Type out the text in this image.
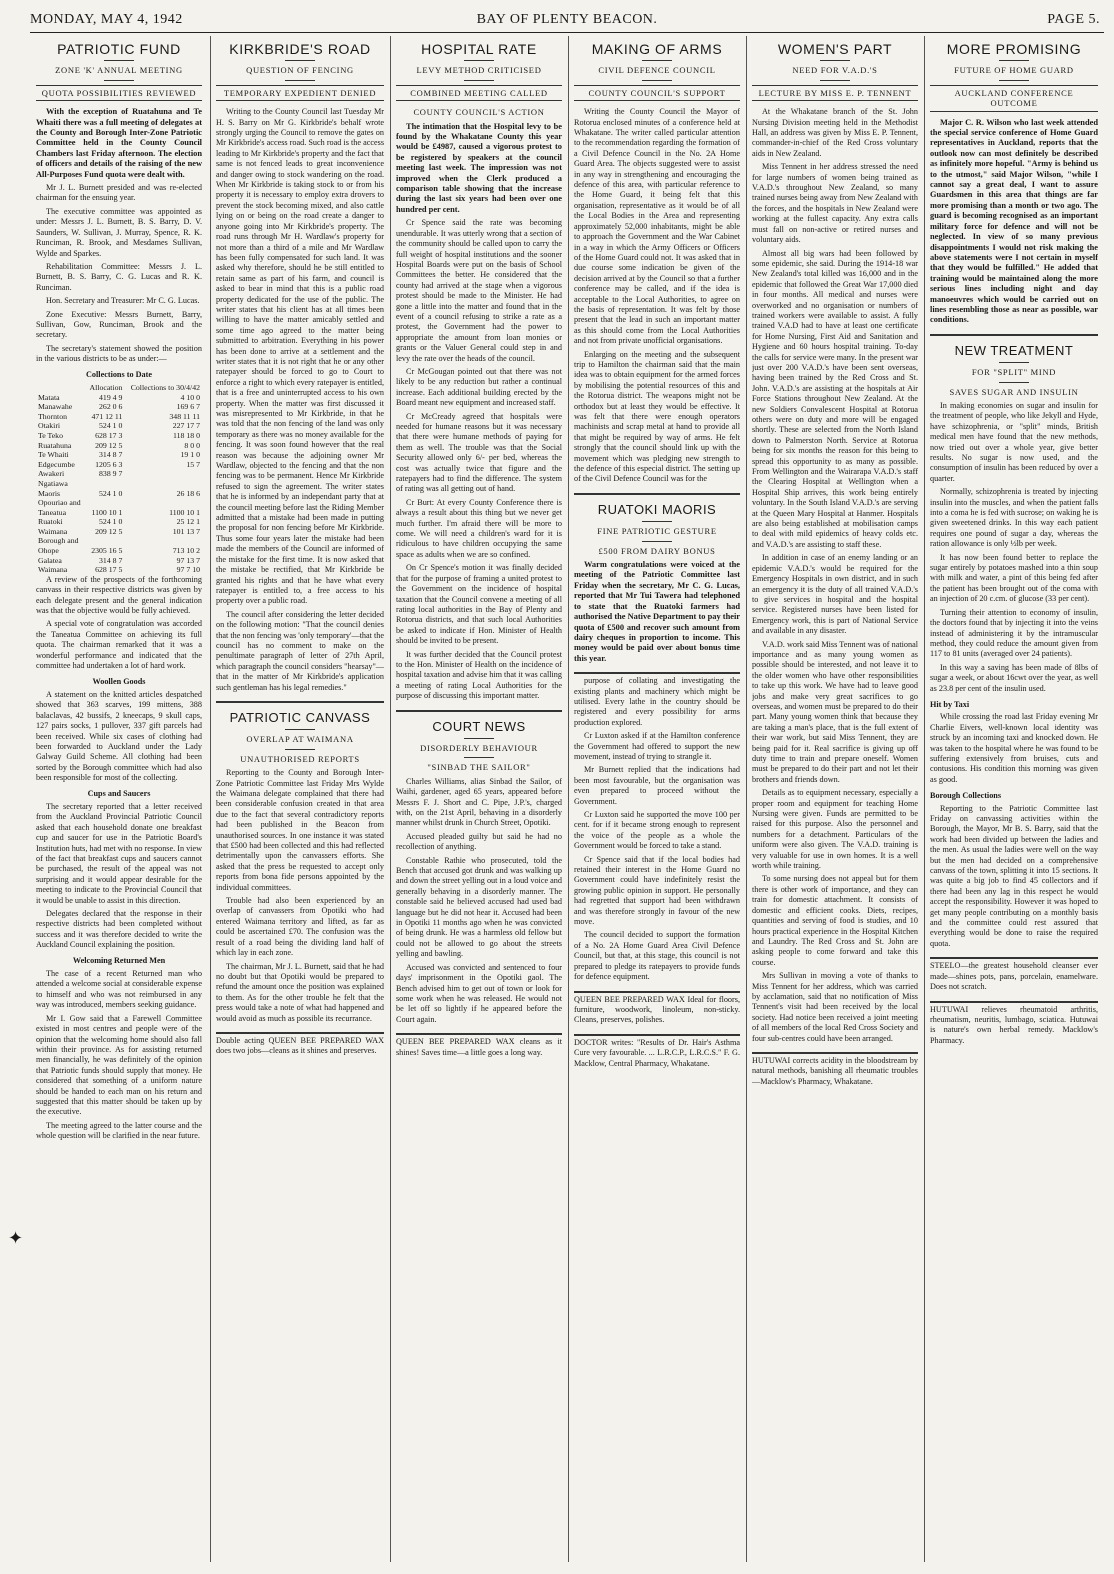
MONDAY, MAY 4, 1942	BAY OF PLENTY BEACON.	PAGE 5.
✦
PATRIOTIC FUND
ZONE 'K' ANNUAL MEETING
QUOTA POSSIBILITIES REVIEWED

With the exception of Ruatahuna and Te Whaiti there was a full meeting of delegates at the County and Borough Inter-Zone Patriotic Committee held in the County Council Chambers last Friday afternoon. The election of officers and details of the raising of the new All-Purposes Fund quota were dealt with.

Mr J. L. Burnett presided and was re-elected chairman for the ensuing year.

The executive committee was appointed as under: Messrs J. L. Burnett, B. S. Barry, D. V. Saunders, W. Sullivan, J. Murray, Spence, R. K. Runciman, R. Brook, and Mesdames Sullivan, Wylde and Sparkes.

Rehabilitation Committee: Messrs J. L. Burnett, B. S. Barry, C. G. Lucas and R. K. Runciman.

Hon. Secretary and Treasurer: Mr C. G. Lucas.

Zone Executive: Messrs Burnett, Barry, Sullivan, Gow, Runciman, Brook and the secretary.

The secretary's statement showed the position in the various districts to be as under:—

Collections to Date
	Allocation	Collections to 30/4/42
Matata	419 4 9	4 10 0
Manawahe	262 0 6	169 6 7
Thornton	471 12 11	348 11 11
Otakiri	524 1 0	227 17 7
Te Teko	628 17 3	118 18 0
Ruatahuna	209 12 5	8 0 0
Te Whaiti	314 8 7	19 1 0
Edgecumbe	1205 6 3	15 7
Awakeri	838 9 7	
Ngatiawa		
Maoris	524 1 0	26 18 6
Opouriao and		
Taneatua	1100 10 1	1100 10 1
Ruatoki	524 1 0	25 12 1
Waimana	209 12 5	101 13 7
Borough and		
Ohope	2305 16 5	713 10 2
Galatea	314 8 7	97 13 7
Waimana	628 17 5	97 7 10

A review of the prospects of the forthcoming canvass in their respective districts was given by each delegate present and the general indication was that the objective would be fully achieved.

A special vote of congratulation was accorded the Taneatua Committee on achieving its full quota. The chairman remarked that it was a wonderful performance and indicated that the committee had undertaken a lot of hard work.

Woollen Goods

A statement on the knitted articles despatched showed that 363 scarves, 199 mittens, 388 balaclavas, 42 bussifs, 2 kneecaps, 9 skull caps, 127 pairs socks, 1 pullover, 337 gift parcels had been received. While six cases of clothing had been forwarded to Auckland under the Lady Galway Guild Scheme. All clothing had been sorted by the Borough committee which had also been responsible for most of the collecting.

Cups and Saucers

The secretary reported that a letter received from the Auckland Provincial Patriotic Council asked that each household donate one breakfast cup and saucer for use in the Patriotic Board's Institution huts, had met with no response. In view of the fact that breakfast cups and saucers cannot be purchased, the result of the appeal was not surprising and it would appear desirable for the meeting to indicate to the Provincial Council that it would be unable to assist in this direction.

Delegates declared that the response in their respective districts had been completed without success and it was therefore decided to write the Auckland Council explaining the position.

Welcoming Returned Men

The case of a recent Returned man who attended a welcome social at considerable expense to himself and who was not reimbursed in any way was introduced, members seeking guidance.

Mr I. Gow said that a Farewell Committee existed in most centres and people were of the opinion that the welcoming home should also fall within their province. As for assisting returned men financially, he was definitely of the opinion that Patriotic funds should supply that money. He considered that something of a uniform nature should be handed to each man on his return and suggested that this matter should be taken up by the executive.

The meeting agreed to the latter course and the whole question will be clarified in the near future.

KIRKBRIDE'S ROAD
QUESTION OF FENCING
TEMPORARY EXPEDIENT DENIED

Writing to the County Council last Tuesday Mr H. S. Barry on Mr G. Kirkbride's behalf wrote strongly urging the Council to remove the gates on Mr Kirkbride's access road. Such road is the access leading to Mr Kirkbride's property and the fact that same is not fenced leads to great inconvenience and danger owing to stock wandering on the road. When Mr Kirkbride is taking stock to or from his property it is necessary to employ extra drovers to prevent the stock becoming mixed, and also cattle lying on or being on the road create a danger to anyone going into Mr Kirkbride's property. The road runs through Mr H. Wardlaw's property for not more than a third of a mile and Mr Wardlaw has been fully compensated for such land. It was asked why therefore, should he be still entitled to retain same as part of his farm, and council is asked to bear in mind that this is a public road property dedicated for the use of the public. The writer states that his client has at all times been willing to have the matter amicably settled and some time ago agreed to the matter being submitted to arbitration. Everything in his power has been done to arrive at a settlement and the writer states that it is not right that he or any other ratepayer should be forced to go to Court to enforce a right to which every ratepayer is entitled, that is a free and uninterrupted access to his own property. When the matter was first discussed it was misrepresented to Mr Kirkbride, in that he was told that the non fencing of the land was only temporary as there was no money available for the fencing. It was soon found however that the real reason was because the adjoining owner Mr Wardlaw, objected to the fencing and that the non fencing was to be permanent. Hence Mr Kirkbride refused to sign the agreement. The writer states that he is informed by an independant party that at the council meeting before last the Riding Member admitted that a mistake had been made in putting the proposal for non fencing before Mr Kirkbride. Thus some four years later the mistake had been made the members of the Council are informed of the mistake for the first time. It is now asked that the mistake be rectified, that Mr Kirkbride be granted his rights and that he have what every ratepayer is entitled to, a free access to his property over a public road.

The council after considering the letter decided on the following motion: "That the council denies that the non fencing was 'only temporary'—that the council has no comment to make on the penultimate paragraph of letter of 27th April, which paragraph the council considers "hearsay"—that in the matter of Mr Kirkbride's application such gentleman has his legal remedies."

PATRIOTIC CANVASS
OVERLAP AT WAIMANA
UNAUTHORISED REPORTS

Reporting to the County and Borough Inter-Zone Patriotic Committee last Friday Mrs Wylde the Waimana delegate complained that there had been considerable confusion created in that area due to the fact that several contradictory reports had been published in the Beacon from unauthorised sources. In one instance it was stated that £500 had been collected and this had reflected detrimentally upon the canvassers efforts. She asked that the press be requested to accept only reports from bona fide persons appointed by the individual committees.

Trouble had also been experienced by an overlap of canvassers from Opotiki who had entered Waimana territory and lifted, as far as could be ascertained £70. The confusion was the result of a road being the dividing land half of which lay in each zone.

The chairman, Mr J. L. Burnett, said that he had no doubt but that Opotiki would be prepared to refund the amount once the position was explained to them. As for the other trouble he felt that the press would take a note of what had happened and would avoid as much as possible its recurrance.

Double acting QUEEN BEE PREPARED WAX does two jobs—cleans as it shines and preserves.

HOSPITAL RATE
LEVY METHOD CRITICISED
COMBINED MEETING CALLED
COUNTY COUNCIL'S ACTION

The intimation that the Hospital levy to be found by the Whakatane County this year would be £4987, caused a vigorous protest to be registered by speakers at the council meeting last week. The impression was not improved when the Clerk produced a comparison table showing that the increase during the last six years had been over one hundred per cent.

Cr Spence said the rate was becoming unendurable. It was utterly wrong that a section of the community should be called upon to carry the full weight of hospital institutions and the sooner Hospital Boards were put on the basis of School Committees the better. He considered that the county had arrived at the stage when a vigorous protest should be made to the Minister. He had gone a little into the matter and found that in the event of a council refusing to strike a rate as a protest, the Government had the power to appropriate the amount from loan monies or grants or the Valuer General could step in and levy the rate over the heads of the council.

Cr McGougan pointed out that there was not likely to be any reduction but rather a continual increase. Each additional building erected by the Board meant new equipment and increased staff.

Cr McCready agreed that hospitals were needed for humane reasons but it was necessary that there were humane methods of paying for them as well. The trouble was that the Social Security allowed only 6/- per bed, whereas the cost was actually twice that figure and the ratepayers had to find the difference. The system of rating was all getting out of hand.

Cr Burt: At every County Conference there is always a result about this thing but we never get much further. I'm afraid there will be more to come. We will need a children's ward for it is ridiculous to have children occupying the same space as adults when we are so confined.

On Cr Spence's motion it was finally decided that for the purpose of framing a united protest to the Government on the incidence of hospital taxation that the Council convene a meeting of all rating local authorities in the Bay of Plenty and Rotorua districts, and that such local Authorities be asked to indicate if Hon. Minister of Health should be invited to be present.

It was further decided that the Council protest to the Hon. Minister of Health on the incidence of hospital taxation and advise him that it was calling a meeting of rating Local Authorities for the purpose of discussing this important matter.

COURT NEWS
DISORDERLY BEHAVIOUR
"SINBAD THE SAILOR"

Charles Williams, alias Sinbad the Sailor, of Waihi, gardener, aged 65 years, appeared before Messrs F. J. Short and C. Pipe, J.P.'s, charged with, on the 21st April, behaving in a disorderly manner whilst drunk in Church Street, Opotiki.

Accused pleaded guilty but said he had no recollection of anything.

Constable Rathie who prosecuted, told the Bench that accused got drunk and was walking up and down the street yelling out in a loud voice and generally behaving in a disorderly manner. The constable said he believed accused had used bad language but he did not hear it. Accused had been in Opotiki 11 months ago when he was convicted of being drunk. He was a harmless old fellow but could not be allowed to go about the streets yelling and bawling.

Accused was convicted and sentenced to four days' imprisonment in the Opotiki gaol. The Bench advised him to get out of town or look for some work when he was released. He would not be let off so lightly if he appeared before the Court again.

QUEEN BEE PREPARED WAX cleans as it shines! Saves time—a little goes a long way.

MAKING OF ARMS
CIVIL DEFENCE COUNCIL
COUNTY COUNCIL'S SUPPORT

Writing the County Council the Mayor of Rotorua enclosed minutes of a conference held at Whakatane. The writer called particular attention to the recommendation regarding the formation of a Civil Defence Council in the No. 2A Home Guard Area. The objects suggested were to assist in any way in strengthening and encouraging the defence of this area, with particular reference to the Home Guard, it being felt that this organisation, representative as it would be of all the Local Bodies in the Area and representing approximately 52,000 inhabitants, might be able to approach the Government and the War Cabinet in a way in which the Army Officers or Officers of the Home Guard could not. It was asked that in due course some indication be given of the decision arrived at by the Council so that a further conference may be called, and if the idea is acceptable to the Local Authorities, to agree on the basis of representation. It was felt by those present that the lead in such an important matter as this should come from the Local Authorities and not from private unofficial organisations.

Enlarging on the meeting and the subsequent trip to Hamilton the chairman said that the main idea was to obtain equipment for the armed forces by mobilising the potential resources of this and the Rotorua district. The weapons might not be orthodox but at least they would be effective. It was felt that there were enough operators machinists and scrap metal at hand to provide all that might be required by way of arms. He felt strongly that the council should link up with the movement which was pledging new strength to the defence of this especial district. The setting up of the Civil Defence Council was for the

RUATOKI MAORIS
FINE PATRIOTIC GESTURE
£500 FROM DAIRY BONUS

Warm congratulations were voiced at the meeting of the Patriotic Committee last Friday when the secretary, Mr C. G. Lucas, reported that Mr Tui Tawera had telephoned to state that the Ruatoki farmers had authorised the Native Department to pay their quota of £500 and recover such amount from dairy cheques in proportion to income. This money would be paid over about bonus time this year.

purpose of collating and investigating the existing plants and machinery which might be utilised. Every lathe in the country should be registered and every possibility for arms production explored.

Cr Luxton asked if at the Hamilton conference the Government had offered to support the new movement, instead of trying to strangle it.

Mr Burnett replied that the indications had been most favourable, but the organisation was even prepared to proceed without the Government.

Cr Luxton said he supported the move 100 per cent. for if it became strong enough to represent the voice of the people as a whole the Government would be forced to take a stand.

Cr Spence said that if the local bodies had retained their interest in the Home Guard no Government could have indefinitely resist the growing public opinion in support. He personally had regretted that support had been withdrawn and was therefore strongly in favour of the new move.

The council decided to support the formation of a No. 2A Home Guard Area Civil Defence Council, but that, at this stage, this council is not prepared to pledge its ratepayers to provide funds for defence equipment.

QUEEN BEE PREPARED WAX Ideal for floors, furniture, woodwork, linoleum, non-sticky. Cleans, preserves, polishes.

DOCTOR writes: "Results of Dr. Hair's Asthma Cure very favourable. ... L.R.C.P., L.R.C.S." F. G. Macklow, Central Pharmacy, Whakatane.

WOMEN'S PART
NEED FOR V.A.D.'S
LECTURE BY MISS E. P. TENNENT

At the Whakatane branch of the St. John Nursing Division meeting held in the Methodist Hall, an address was given by Miss E. P. Tennent, commander-in-chief of the Red Cross voluntary aids in New Zealand.

Miss Tennent in her address stressed the need for large numbers of women being trained as V.A.D.'s throughout New Zealand, so many trained nurses being away from New Zealand with the forces, and the hospitals in New Zealand were working at the fullest capacity. Any extra calls must fall on non-active or retired nurses and voluntary aids.

Almost all big wars had been followed by some epidemic, she said. During the 1914-18 war New Zealand's total killed was 16,000 and in the epidemic that followed the Great War 17,000 died in four months. All medical and nurses were overworked and no organisation or numbers of trained workers were available to assist. A fully trained V.A.D had to have at least one certificate for Home Nursing, First Aid and Sanitation and Hygiene and 60 hours hospital training. To-day the calls for service were many. In the present war just over 200 V.A.D.'s have been sent overseas, having been trained by the Red Cross and St. John. V.A.D.'s are assisting at the hospitals at Air Force Stations throughout New Zealand. At the new Soldiers Convalescent Hospital at Rotorua others were on duty and more will be engaged shortly. These are selected from the North Island down to Palmerston North. Service at Rotorua being for six months the reason for this being to spread this opportunity to as many as possible. From Wellington and the Wairarapa V.A.D.'s staff the Clearing Hospital at Wellington when a Hospital Ship arrives, this work being entirely voluntary. In the South Island V.A.D.'s are serving at the Queen Mary Hospital at Hanmer. Hospitals are also being established at mobilisation camps to deal with mild epidemics of heavy colds etc. and V.A.D.'s are assisting to staff these.

In addition in case of an enemy landing or an epidemic V.A.D.'s would be required for the Emergency Hospitals in own district, and in such an emergency it is the duty of all trained V.A.D.'s to give services in hospital and the hospital service. Registered nurses have been listed for Emergency work, this is part of National Service and available in any disaster.

V.A.D. work said Miss Tennent was of national importance and as many young women as possible should be interested, and not leave it to the older women who have other responsibilities to take up this work. We have had to leave good jobs and make very great sacrifices to go overseas, and women must be prepared to do their part. Many young women think that because they are taking a man's place, that is the full extent of their war work, but said Miss Tennent, they are being paid for it. Real sacrifice is giving up off duty time to train and prepare oneself. Women must be prepared to do their part and not let their brothers and friends down.

Details as to equipment necessary, especially a proper room and equipment for teaching Home Nursing were given. Funds are permitted to be raised for this purpose. Also the personnel and numbers for a detachment. Particulars of the uniform were also given. The V.A.D. training is very valuable for use in own homes. It is a well worth while training.

To some nursing does not appeal but for them there is other work of importance, and they can train for domestic attachment. It consists of domestic and efficient cooks. Diets, recipes, quantities and serving of food is studies, and 10 hours practical experience in the Hospital Kitchen and Laundry. The Red Cross and St. John are asking people to come forward and take this course.

Mrs Sullivan in moving a vote of thanks to Miss Tennent for her address, which was carried by acclamation, said that no notification of Miss Tennent's visit had been received by the local society. Had notice been received a joint meeting of all members of the local Red Cross Society and four sub-centres could have been arranged.

HUTUWAI corrects acidity in the bloodstream by natural methods, banishing all rheumatic troubles—Macklow's Pharmacy, Whakatane.

MORE PROMISING
FUTURE OF HOME GUARD
AUCKLAND CONFERENCE OUTCOME

Major C. R. Wilson who last week attended the special service conference of Home Guard representatives in Auckland, reports that the outlook now can most definitely be described as infinitely more hopeful. "Army is behind us to the utmost," said Major Wilson, "while I cannot say a great deal, I want to assure Guardsmen in this area that things are far more promising than a month or two ago. The guard is becoming recognised as an important military force for defence and will not be neglected. In view of so many previous disappointments I would not risk making the above statements were I not certain in myself that they would be fulfilled." He added that training would be maintained along the more serious lines including night and day manoeuvres which would be carried out on lines resembling those as near as possible, war conditions.

NEW TREATMENT
FOR "SPLIT" MIND
SAVES SUGAR AND INSULIN

In making economies on sugar and insulin for the treatment of people, who like Jekyll and Hyde, have schizophrenia, or "split" minds, British medical men have found that the new methods, now tried out over a whole year, give better results. No sugar is now used, and the consumption of insulin has been reduced by over a quarter.

Normally, schizophrenia is treated by injecting insulin into the muscles, and when the patient falls into a coma he is fed with sucrose; on waking he is given sweetened drinks. In this way each patient requires one pound of sugar a day, whereas the ration allowance is only ½lb per week.

It has now been found better to replace the sugar entirely by potatoes mashed into a thin soup with milk and water, a pint of this being fed after the patient has been brought out of the coma with an injection of 20 c.cm. of glucose (33 per cent).

Turning their attention to economy of insulin, the doctors found that by injecting it into the veins instead of administering it by the intramuscular method, they could reduce the amount given from 117 to 81 units (averaged over 24 patients).

In this way a saving has been made of 8lbs of sugar a week, or about 16cwt over the year, as well as 23.8 per cent of the insulin used.

Hit by Taxi

While crossing the road last Friday evening Mr Charlie Eivers, well-known local identity was struck by an incoming taxi and knocked down. He was taken to the hospital where he was found to be suffering extensively from bruises, cuts and contusions. His condition this morning was given as good.

Borough Collections

Reporting to the Patriotic Committee last Friday on canvassing activities within the Borough, the Mayor, Mr B. S. Barry, said that the work had been divided up between the ladies and the men. As usual the ladies were well on the way but the men had decided on a comprehensive canvass of the town, splitting it into 15 sections. It was quite a big job to find 45 collectors and if there had been any lag in this respect he would accept the responsibility. However it was hoped to get many people contributing on a monthly basis and the committee could rest assured that everything would be done to raise the required quota.

STEELO—the greatest household cleanser ever made—shines pots, pans, porcelain, enamelware. Does not scratch.

HUTUWAI relieves rheumatoid arthritis, rheumatism, neuritis, lumbago, sciatica. Hutuwai is nature's own herbal remedy. Macklow's Pharmacy.
